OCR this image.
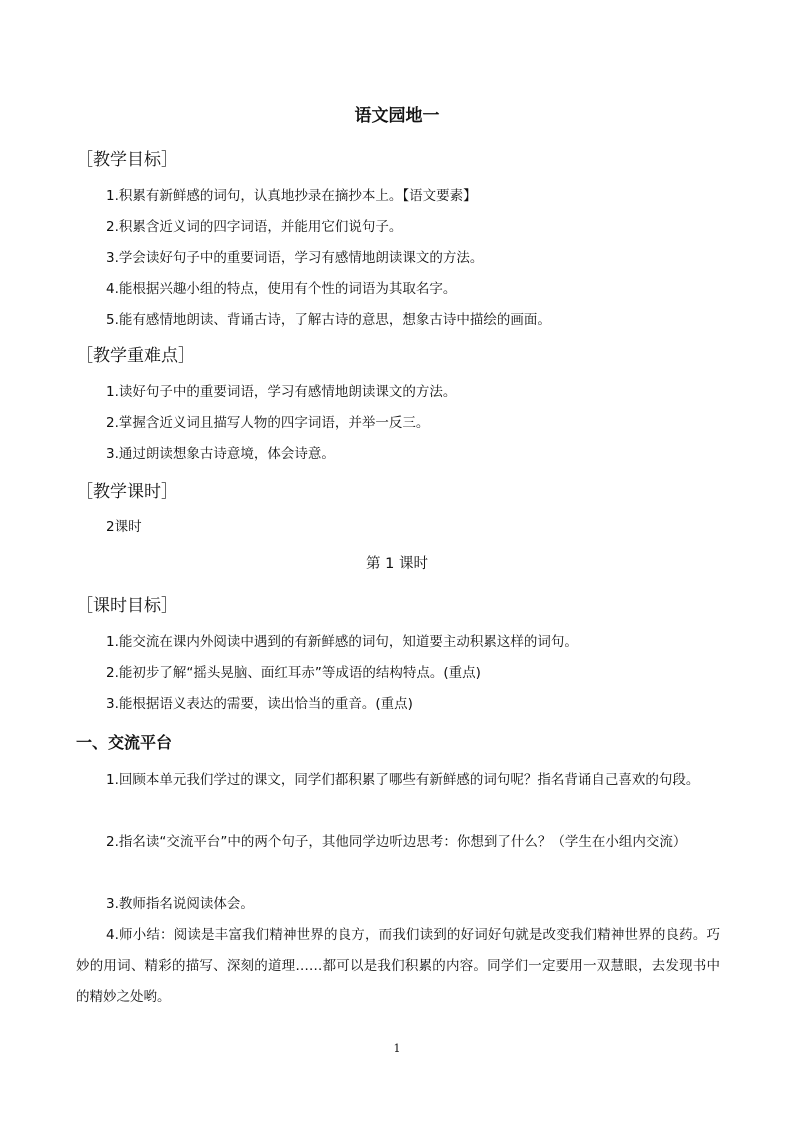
语文园地一
［教学目标］
1.积累有新鲜感的词句，认真地抄录在摘抄本上。【语文要素】
2.积累含近义词的四字词语，并能用它们说句子。
3.学会读好句子中的重要词语，学习有感情地朗读课文的方法。
4.能根据兴趣小组的特点，使用有个性的词语为其取名字。
5.能有感情地朗读、背诵古诗，了解古诗的意思，想象古诗中描绘的画面。
［教学重难点］
1.读好句子中的重要词语，学习有感情地朗读课文的方法。
2.掌握含近义词且描写人物的四字词语，并举一反三。
3.通过朗读想象古诗意境，体会诗意。
［教学课时］
2课时
第 1 课时
［课时目标］
1.能交流在课内外阅读中遇到的有新鲜感的词句，知道要主动积累这样的词句。
2.能初步了解“摇头晃脑、面红耳赤”等成语的结构特点。(重点)
3.能根据语义表达的需要，读出恰当的重音。(重点)
一、交流平台
1.回顾本单元我们学过的课文，同学们都积累了哪些有新鲜感的词句呢？指名背诵自己喜欢的句段。
2.指名读“交流平台”中的两个句子，其他同学边听边思考：你想到了什么？（学生在小组内交流）
3.教师指名说阅读体会。
4.师小结：阅读是丰富我们精神世界的良方，而我们读到的好词好句就是改变我们精神世界的良药。巧妙的用词、精彩的描写、深刻的道理……都可以是我们积累的内容。同学们一定要用一双慧眼，去发现书中的精妙之处哟。
1
